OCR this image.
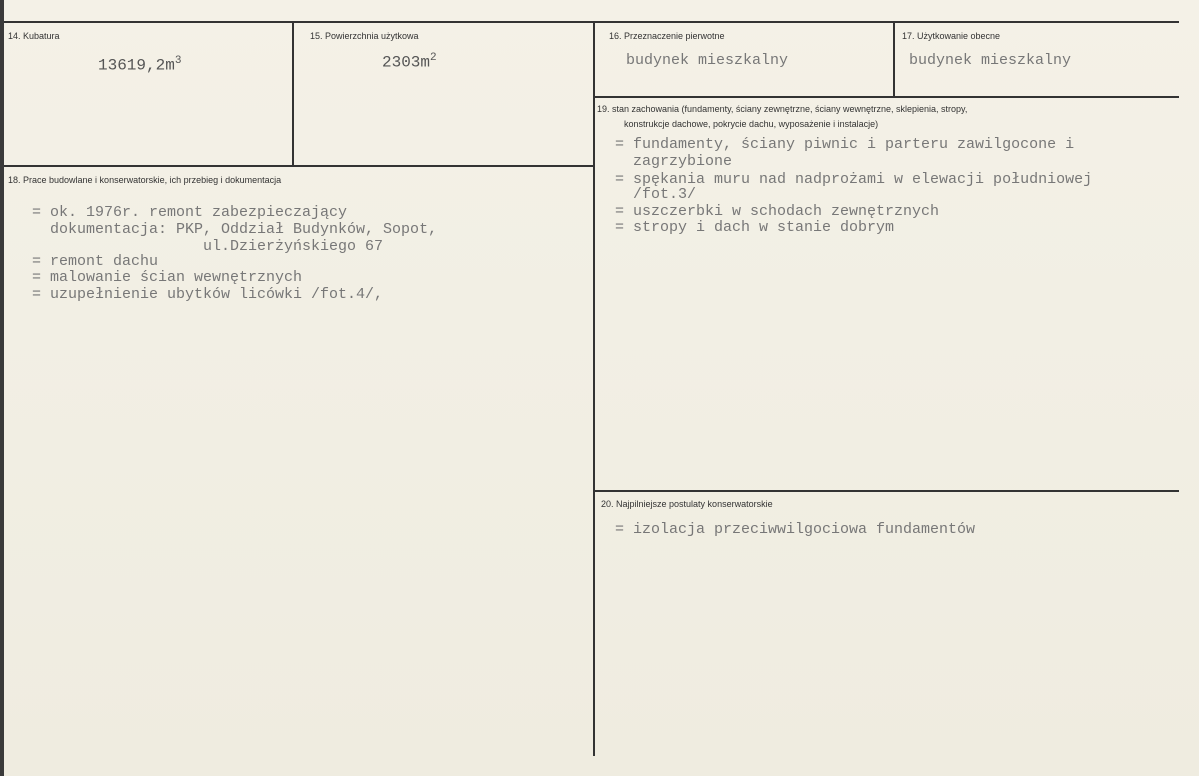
14. Kubatura
$13619,2m^3$
15. Powierzchnia użytkowa
$2303m^2$
16. Przeznaczenie pierwotne
budynek mieszkalny
17. Użytkowanie obecne
budynek mieszkalny
18. Prace budowlane i konserwatorskie, ich przebieg i dokumentacja
= ok. 1976r. remont zabezpieczający
dokumentacja: PKP, Oddział Budynków, Sopot,
ul.Dzierżyńskiego 67
= remont dachu
= malowanie ścian wewnętrznych
= uzupełnienie ubytków licówki /fot.4/,
19. stan zachowania (fundamenty, ściany zewnętrzne, ściany wewnętrzne, sklepienia, stropy,
konstrukcje dachowe, pokrycie dachu, wyposażenie i instalacje)
= fundamenty, ściany piwnic i parteru zawilgocone i
zagrzybione
= spękania muru nad nadprożami w elewacji południowej
/fot.3/
= uszczerbki w schodach zewnętrznych
= stropy i dach w stanie dobrym
20. Najpilniejsze postulaty konserwatorskie
= izolacja przeciwwilgociowa fundamentów
